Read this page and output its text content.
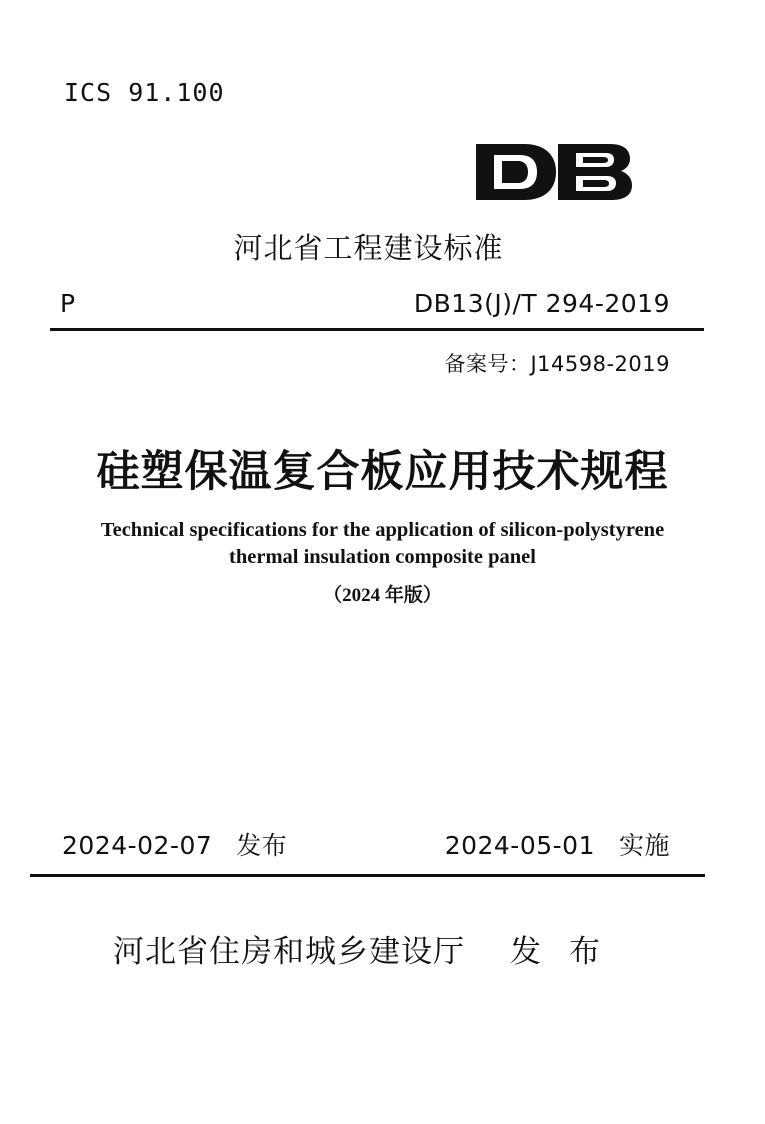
ICS 91.100
河北省工程建设标准
P	DB13(J)/T 294-2019
备案号：J14598-2019
硅塑保温复合板应用技术规程
Technical specifications for the application of silicon-polystyrene
thermal insulation composite panel
（2024 年版）
2024-02-07 发布	2024-05-01 实施
河北省住房和城乡建设厅 发布
